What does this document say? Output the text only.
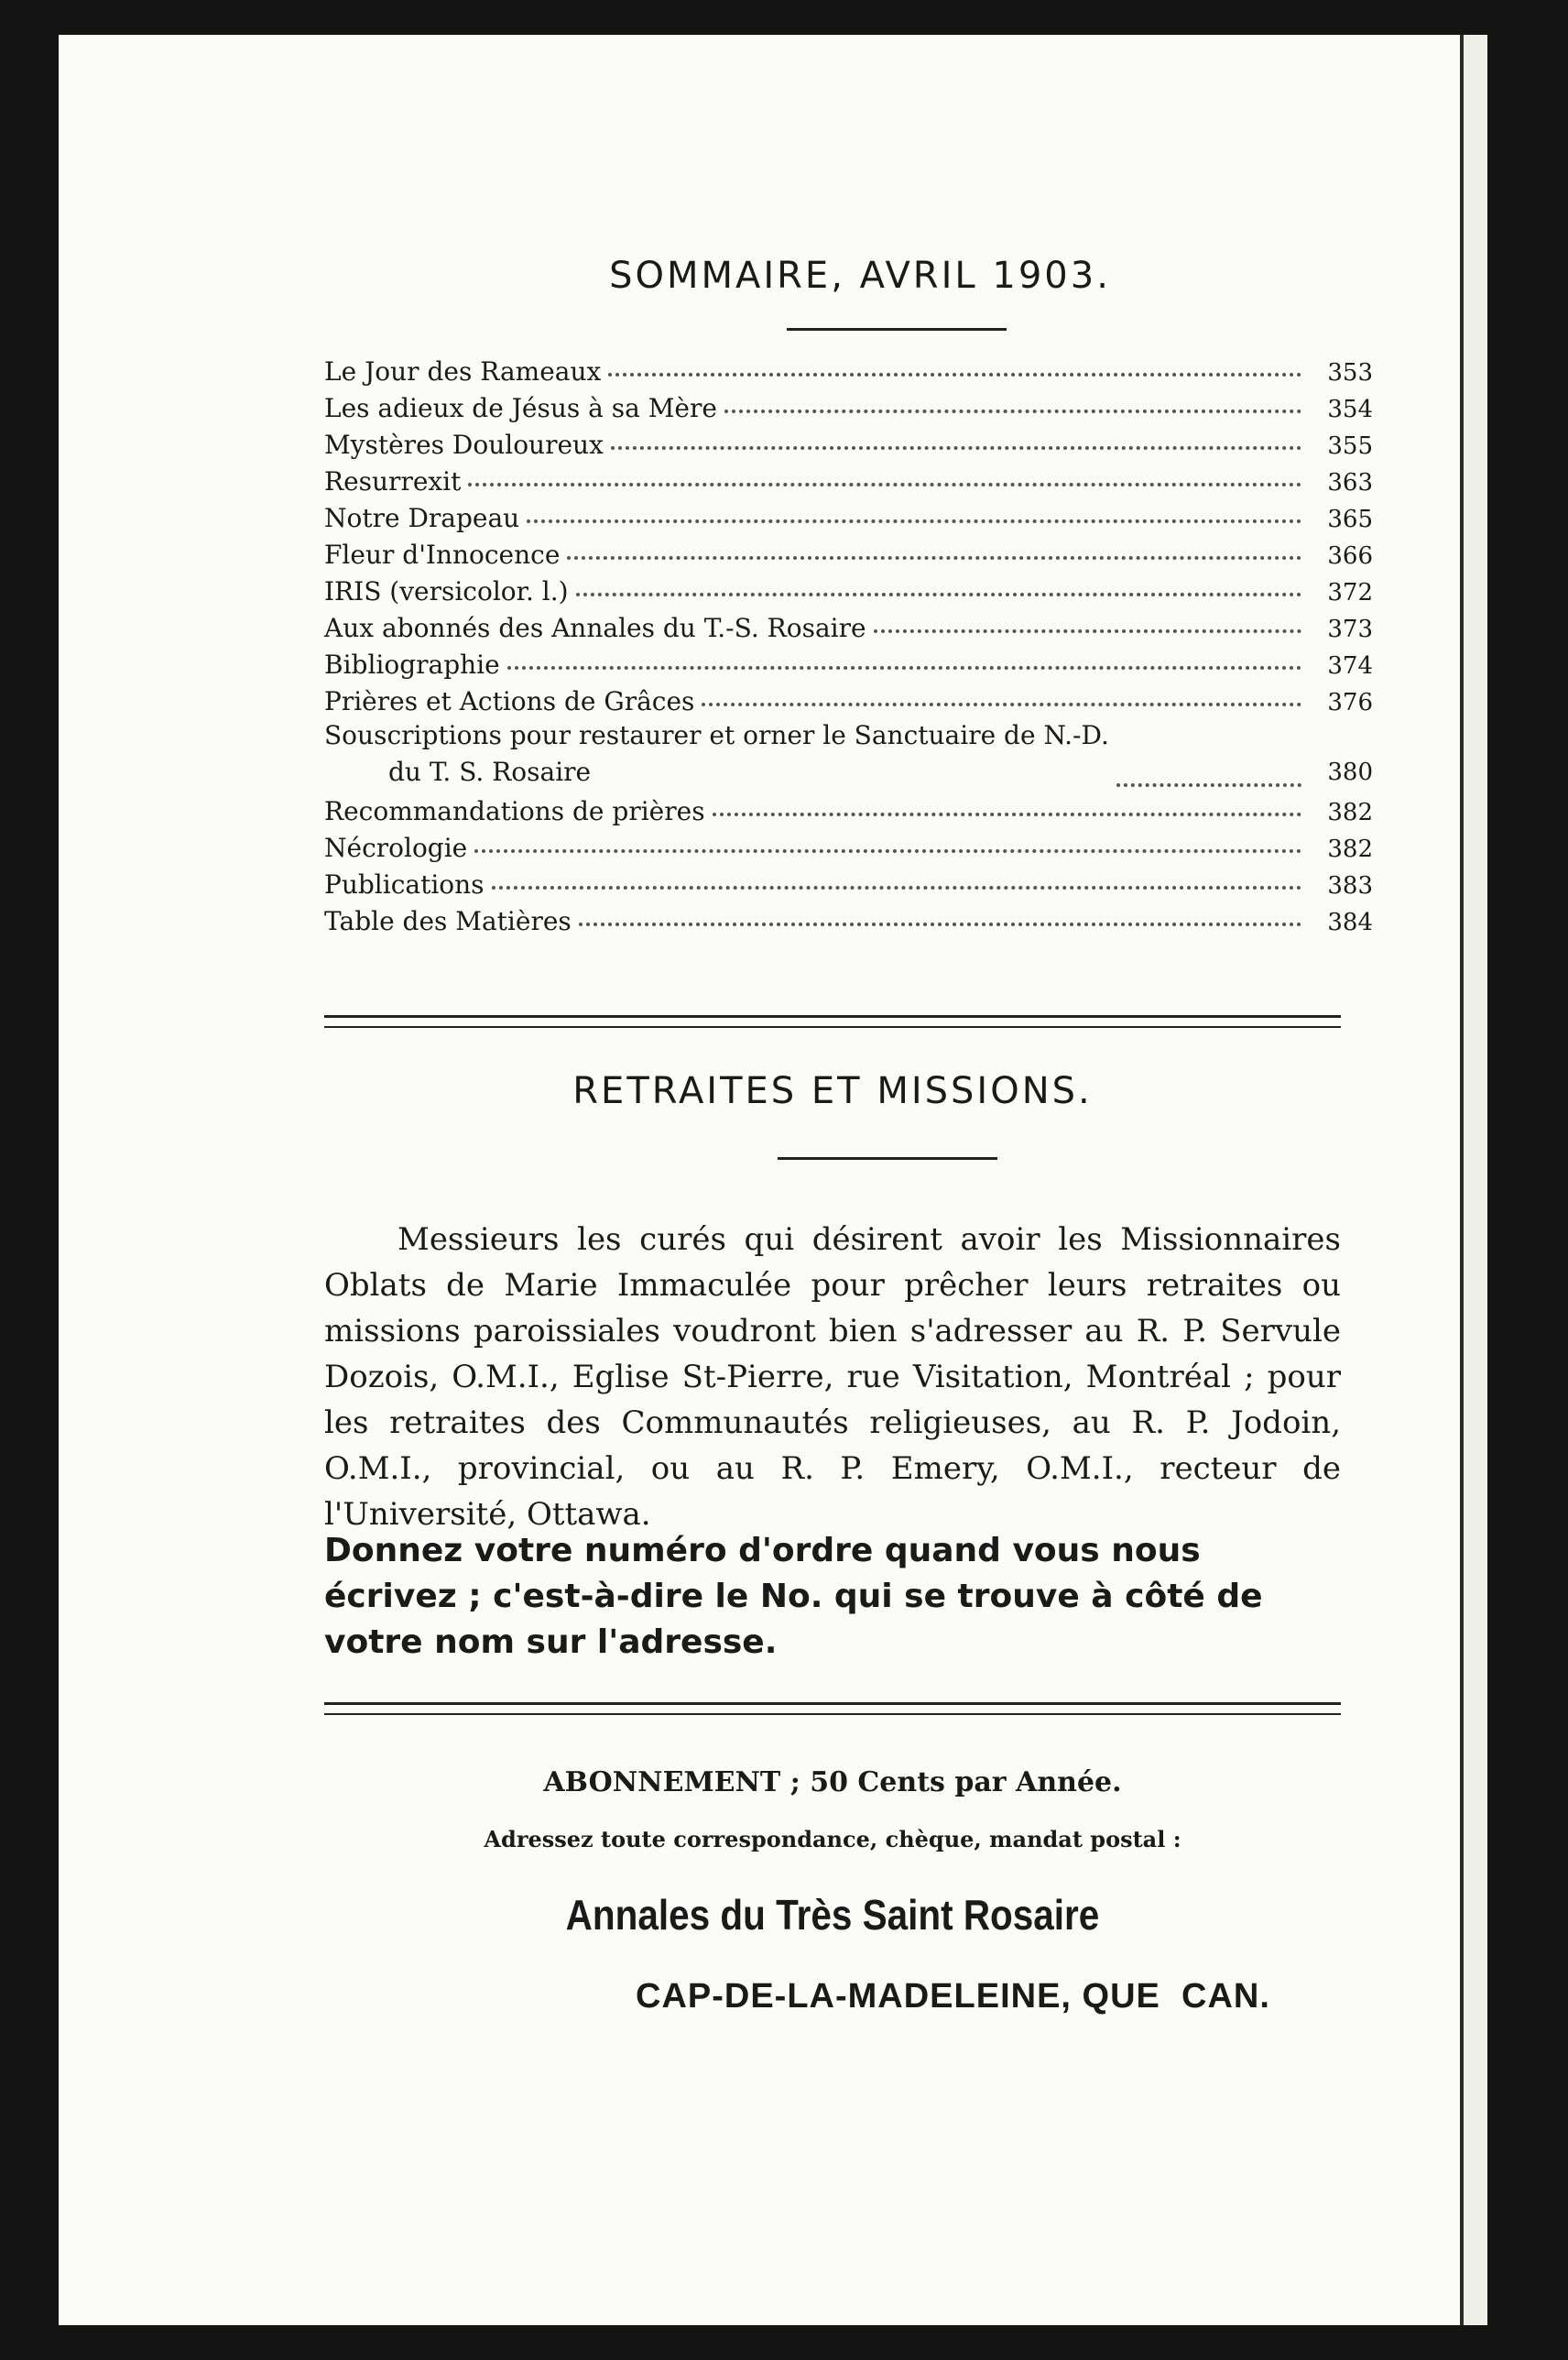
SOMMAIRE, AVRIL 1903.
Le Jour des Rameaux	353
Les adieux de Jésus à sa Mère	354
Mystères Douloureux	355
Resurrexit	363
Notre Drapeau	365
Fleur d'Innocence	366
IRIS (versicolor. l.)	372
Aux abonnés des Annales du T.-S. Rosaire	373
Bibliographie	374
Prières et Actions de Grâces	376
Souscriptions pour restaurer et orner le Sanctuaire de N.-D.
du T. S. Rosaire	380
Recommandations de prières	382
Nécrologie	382
Publications	383
Table des Matières	384
RETRAITES ET MISSIONS.

Messieurs les curés qui désirent avoir les Missionnaires Oblats de Marie Immaculée pour prêcher leurs retraites ou missions paroissiales voudront bien s'adresser au R. P. Servule Dozois, O.M.I., Eglise St-Pierre, rue Visitation, Montréal ; pour les retraites des Communautés religieuses, au R. P. Jodoin, O.M.I., provincial, ou au R. P. Emery, O.M.I., recteur de l'Université, Ottawa.

Donnez votre numéro d'ordre quand vous nous écrivez ; c'est-à-dire le No. qui se trouve à côté de votre nom sur l'adresse.

ABONNEMENT ; 50 Cents par Année.
Adressez toute correspondance, chèque, mandat postal :
Annales du Très Saint Rosaire
CAP-DE-LA-MADELEINE, QUE  CAN.
